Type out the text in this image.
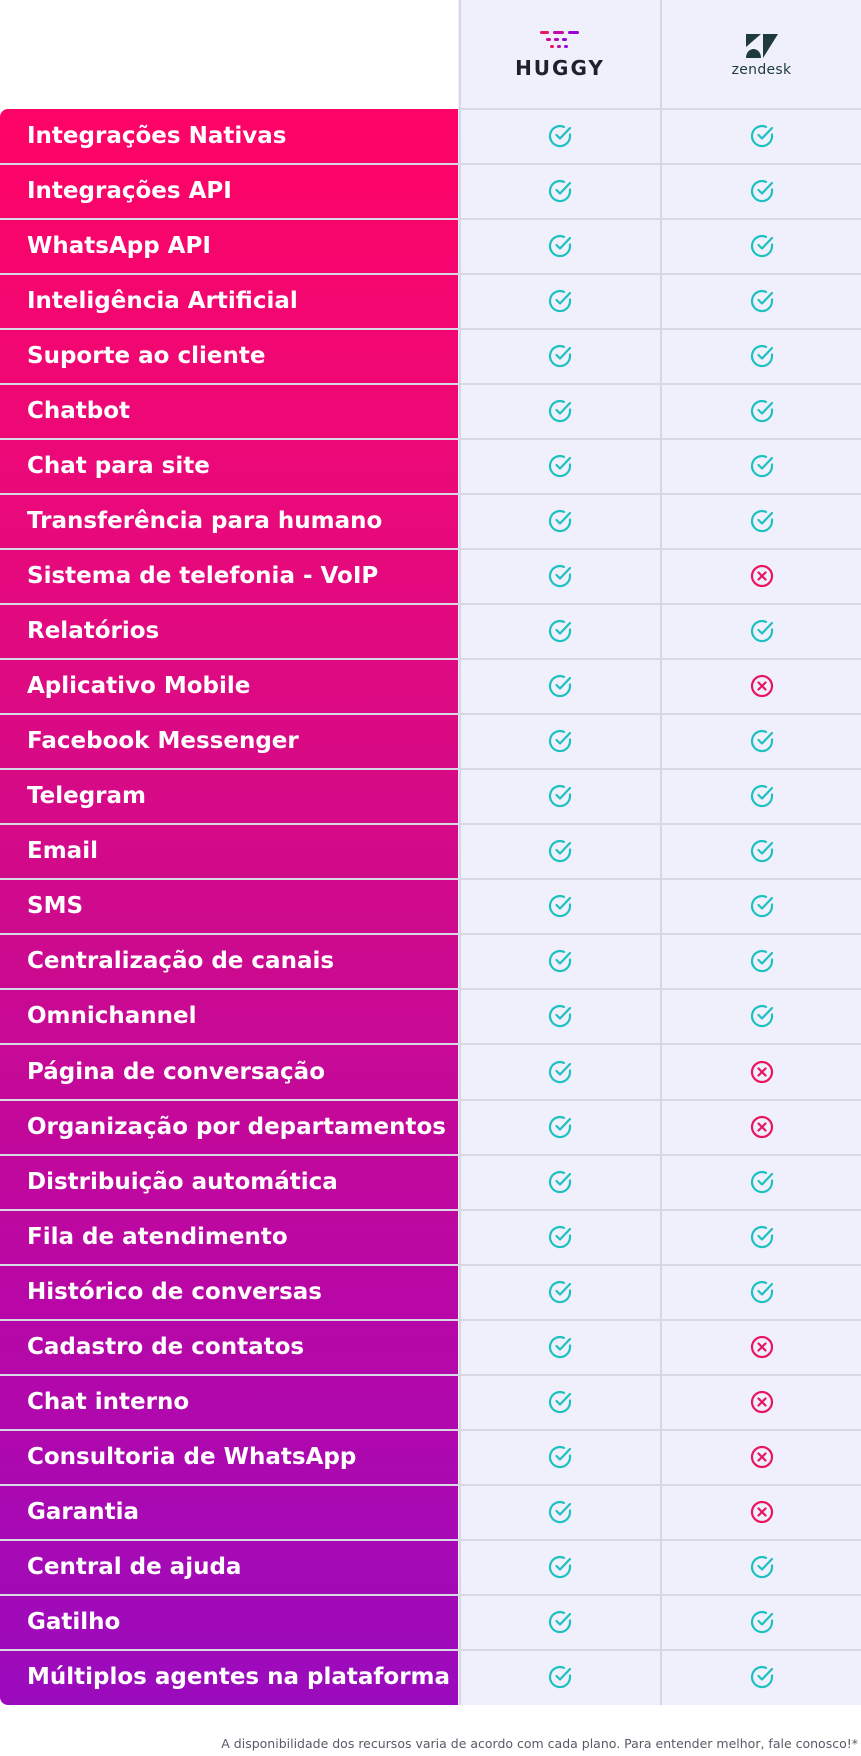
HUGGY	zendesk
Integrações Nativas
Integrações API
WhatsApp API
Inteligência Artificial
Suporte ao cliente
Chatbot
Chat para site
Transferência para humano
Sistema de telefonia - VoIP
Relatórios
Aplicativo Mobile
Facebook Messenger
Telegram
Email
SMS
Centralização de canais
Omnichannel
Página de conversação
Organização por departamentos
Distribuição automática
Fila de atendimento
Histórico de conversas
Cadastro de contatos
Chat interno
Consultoria de WhatsApp
Garantia
Central de ajuda
Gatilho
Múltiplos agentes na plataforma
A disponibilidade dos recursos varia de acordo com cada plano. Para entender melhor, fale conosco!*
